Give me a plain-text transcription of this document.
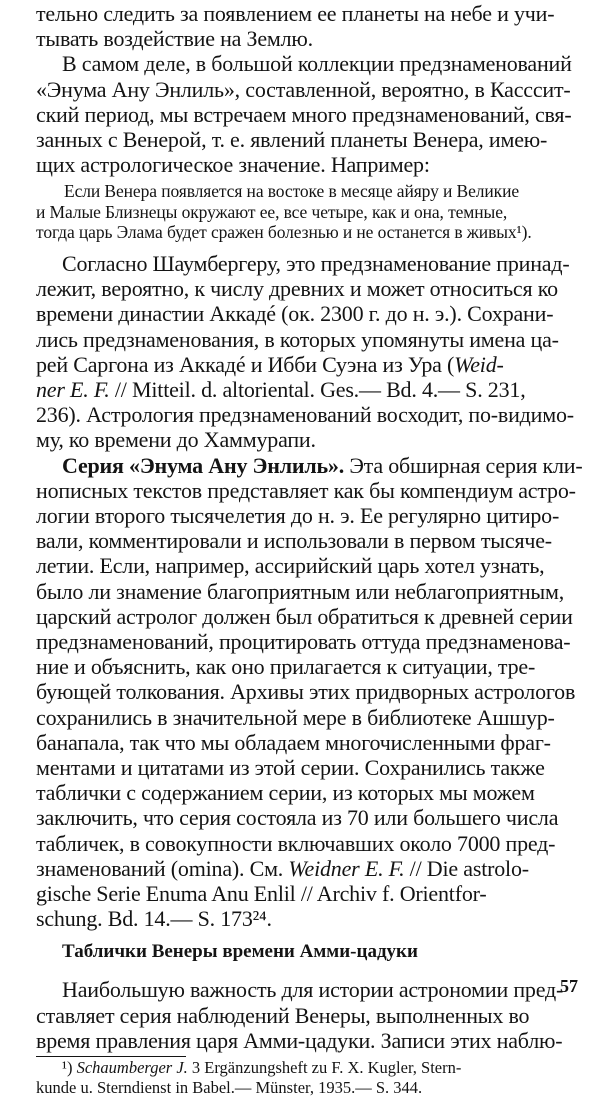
тельно следить за появлением ее планеты на небе и учи-
тывать воздействие на Землю.
В самом деле, в большой коллекции предзнаменований
«Энума Ану Энлиль», составленной, вероятно, в Касссит-
ский период, мы встречаем много предзнаменований, свя-
занных с Венерой, т. е. явлений планеты Венера, имею-
щих астрологическое значение. Например:
Если Венера появляется на востоке в месяце айяру и Великие
и Малые Близнецы окружают ее, все четыре, как и она, темные,
тогда царь Элама будет сражен болезнью и не останется в живых¹).
Согласно Шаумбергеру, это предзнаменование принад-
лежит, вероятно, к числу древних и может относиться ко
времени династии Аккадé (ок. 2300 г. до н. э.). Сохрани-
лись предзнаменования, в которых упомянуты имена ца-
рей Саргона из Аккадé и Ибби Суэна из Ура (Weid-
ner E. F. // Mitteil. d. altoriental. Ges.— Bd. 4.— S. 231,
236). Астрология предзнаменований восходит, по-видимо-
му, ко времени до Хаммурапи.
Серия «Энума Ану Энлиль». Эта обширная серия кли-
нописных текстов представляет как бы компендиум астро-
логии второго тысячелетия до н. э. Ее регулярно цитиро-
вали, комментировали и использовали в первом тысяче-
летии. Если, например, ассирийский царь хотел узнать,
было ли знамение благоприятным или неблагоприятным,
царский астролог должен был обратиться к древней серии
предзнаменований, процитировать оттуда предзнаменова-
ние и объяснить, как оно прилагается к ситуации, тре-
бующей толкования. Архивы этих придворных астрологов
сохранились в значительной мере в библиотеке Ашшур-
банапала, так что мы обладаем многочисленными фраг-
ментами и цитатами из этой серии. Сохранились также
таблички с содержанием серии, из которых мы можем
заключить, что серия состояла из 70 или большего числа
табличек, в совокупности включавших около 7000 пред-
знаменований (omina). См. Weidner E. F. // Die astrolo-
gische Serie Enuma Anu Enlil // Archiv f. Orientfor-
schung. Bd. 14.— S. 173²⁴.
Таблички Венеры времени Амми-цадуки
Наибольшую важность для истории астрономии пред-
ставляет серия наблюдений Венеры, выполненных во
время правления царя Амми-цадуки. Записи этих наблю-
¹) Schaumberger J. 3 Ergänzungsheft zu F. X. Kugler, Stern-
kunde u. Sterndienst in Babel.— Münster, 1935.— S. 344.
57
